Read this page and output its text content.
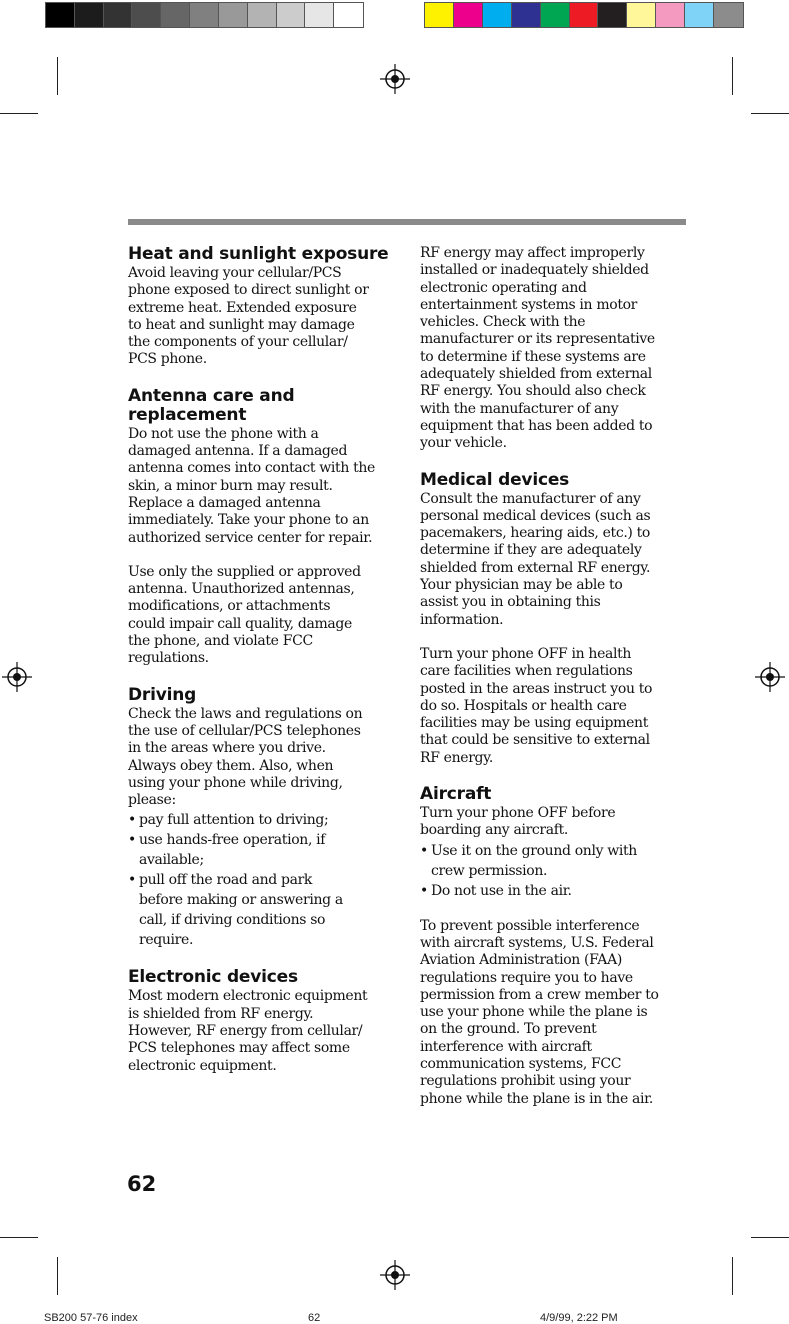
Heat and sunlight exposure

Avoid leaving your cellular/PCS
phone exposed to direct sunlight or
extreme heat. Extended exposure
to heat and sunlight may damage
the components of your cellular/
PCS phone.

Antenna care and
replacement

Do not use the phone with a
damaged antenna. If a damaged
antenna comes into contact with the
skin, a minor burn may result.
Replace a damaged antenna
immediately. Take your phone to an
authorized service center for repair.

Use only the supplied or approved
antenna. Unauthorized antennas,
modifications, or attachments
could impair call quality, damage
the phone, and violate FCC
regulations.

Driving

Check the laws and regulations on
the use of cellular/PCS telephones
in the areas where you drive.
Always obey them. Also, when
using your phone while driving,
please:

• pay full attention to driving;
• use hands-free operation, if
available;
• pull off the road and park
before making or answering a
call, if driving conditions so
require.
Electronic devices

Most modern electronic equipment
is shielded from RF energy.
However, RF energy from cellular/
PCS telephones may affect some
electronic equipment.

RF energy may affect improperly
installed or inadequately shielded
electronic operating and
entertainment systems in motor
vehicles. Check with the
manufacturer or its representative
to determine if these systems are
adequately shielded from external
RF energy. You should also check
with the manufacturer of any
equipment that has been added to
your vehicle.

Medical devices

Consult the manufacturer of any
personal medical devices (such as
pacemakers, hearing aids, etc.) to
determine if they are adequately
shielded from external RF energy.
Your physician may be able to
assist you in obtaining this
information.

Turn your phone OFF in health
care facilities when regulations
posted in the areas instruct you to
do so. Hospitals or health care
facilities may be using equipment
that could be sensitive to external
RF energy.

Aircraft

Turn your phone OFF before
boarding any aircraft.

• Use it on the ground only with
crew permission.
• Do not use in the air.

To prevent possible interference
with aircraft systems, U.S. Federal
Aviation Administration (FAA)
regulations require you to have
permission from a crew member to
use your phone while the plane is
on the ground. To prevent
interference with aircraft
communication systems, FCC
regulations prohibit using your
phone while the plane is in the air.

62
SB200 57-76 index	62	4/9/99, 2:22 PM
